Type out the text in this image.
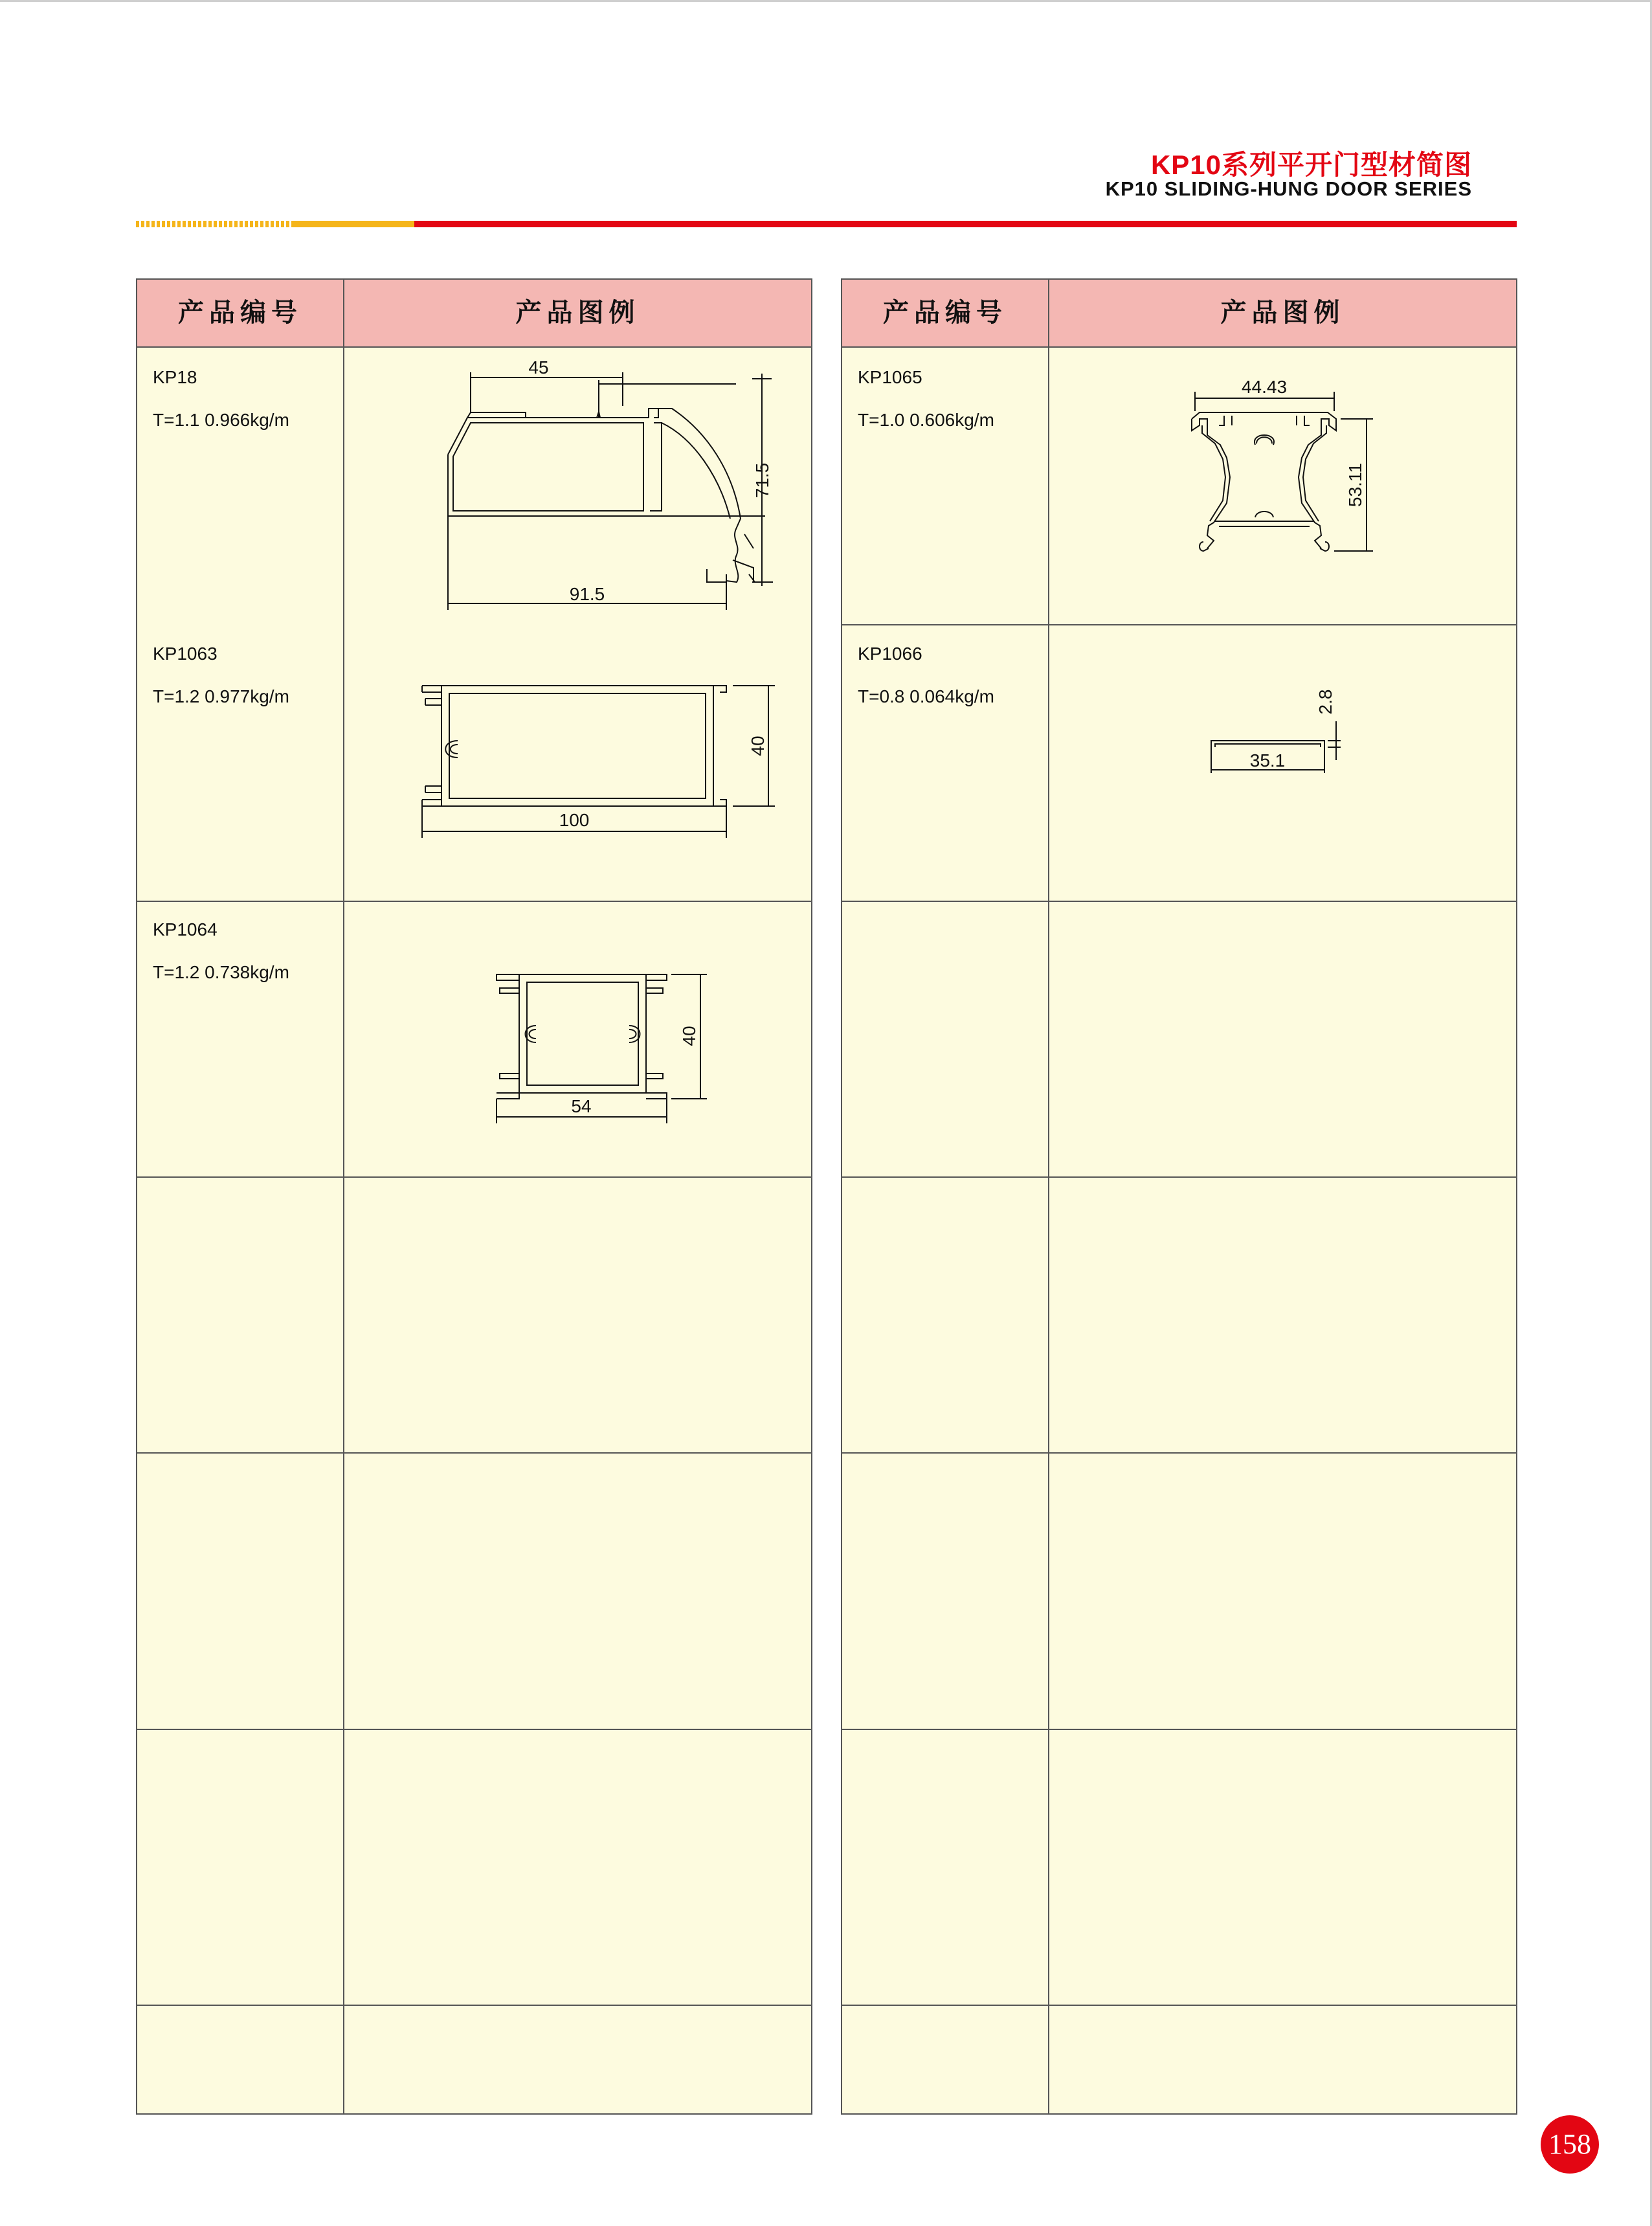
KP10系列平开门型材简图
KP10 SLIDING-HUNG DOOR SERIES
产品编号	产品图例
KP18
T=1.1 0.966kg/m
45
91.5
71.5
KP1063
T=1.2 0.977kg/m
100
40
KP1064
T=1.2 0.738kg/m
54
40
产品编号	产品图例
KP1065
T=1.0 0.606kg/m
44.43
53.11
KP1066
T=0.8 0.064kg/m
35.1
2.8
158
